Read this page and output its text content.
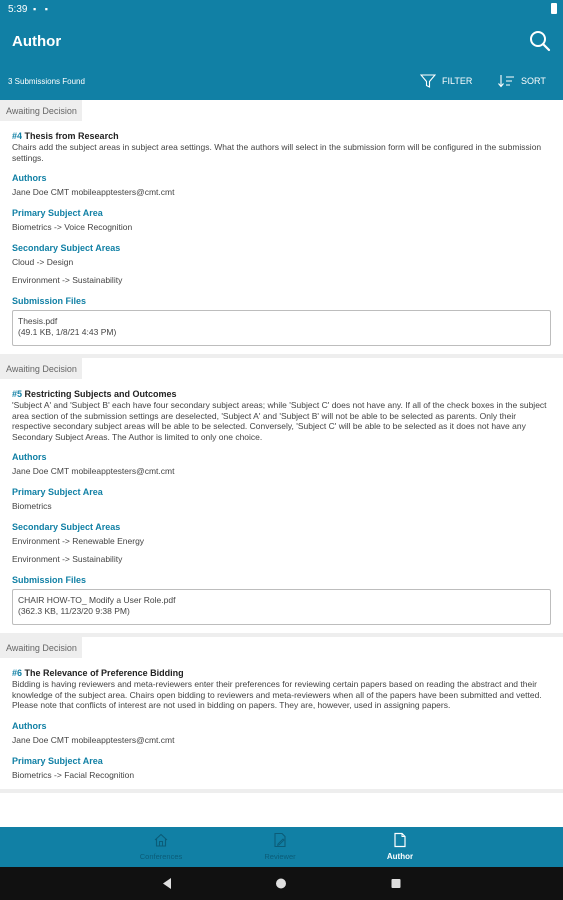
5:39 ▪ ▪
Author
3 Submissions Found	FILTER	SORT
Awaiting Decision
#4 Thesis from Research
Chairs add the subject areas in subject area settings. What the authors will select in the submission form will be configured in the submission settings.
Authors
Jane Doe CMT mobileapptesters@cmt.cmt
Primary Subject Area
Biometrics -> Voice Recognition
Secondary Subject Areas
Cloud -> Design
Environment -> Sustainability
Submission Files
Thesis.pdf
(49.1 KB, 1/8/21 4:43 PM)
Awaiting Decision
#5 Restricting Subjects and Outcomes
'Subject A' and 'Subject B' each have four secondary subject areas; while 'Subject C' does not have any. If all of the check boxes in the subject area section of the submission settings are deselected, 'Subject A' and 'Subject B' will not be able to be selected as parents. Only their respective secondary subject areas will be able to be selected. Conversely, 'Subject C' will be able to be selected as it does not have any Secondary Subject Areas. The Author is limited to only one choice.
Authors
Jane Doe CMT mobileapptesters@cmt.cmt
Primary Subject Area
Biometrics
Secondary Subject Areas
Environment -> Renewable Energy
Environment -> Sustainability
Submission Files
CHAIR HOW-TO_ Modify a User Role.pdf
(362.3 KB, 11/23/20 9:38 PM)
Awaiting Decision
#6 The Relevance of Preference Bidding
Bidding is having reviewers and meta-reviewers enter their preferences for reviewing certain papers based on reading the abstract and their knowledge of the subject area. Chairs open bidding to reviewers and meta-reviewers when all of the papers have been submitted and vetted. Please note that conflicts of interest are not used in bidding on papers. They are, however, used in assigning papers.
Authors
Jane Doe CMT mobileapptesters@cmt.cmt
Primary Subject Area
Biometrics -> Facial Recognition
Conferences	Reviewer	Author
